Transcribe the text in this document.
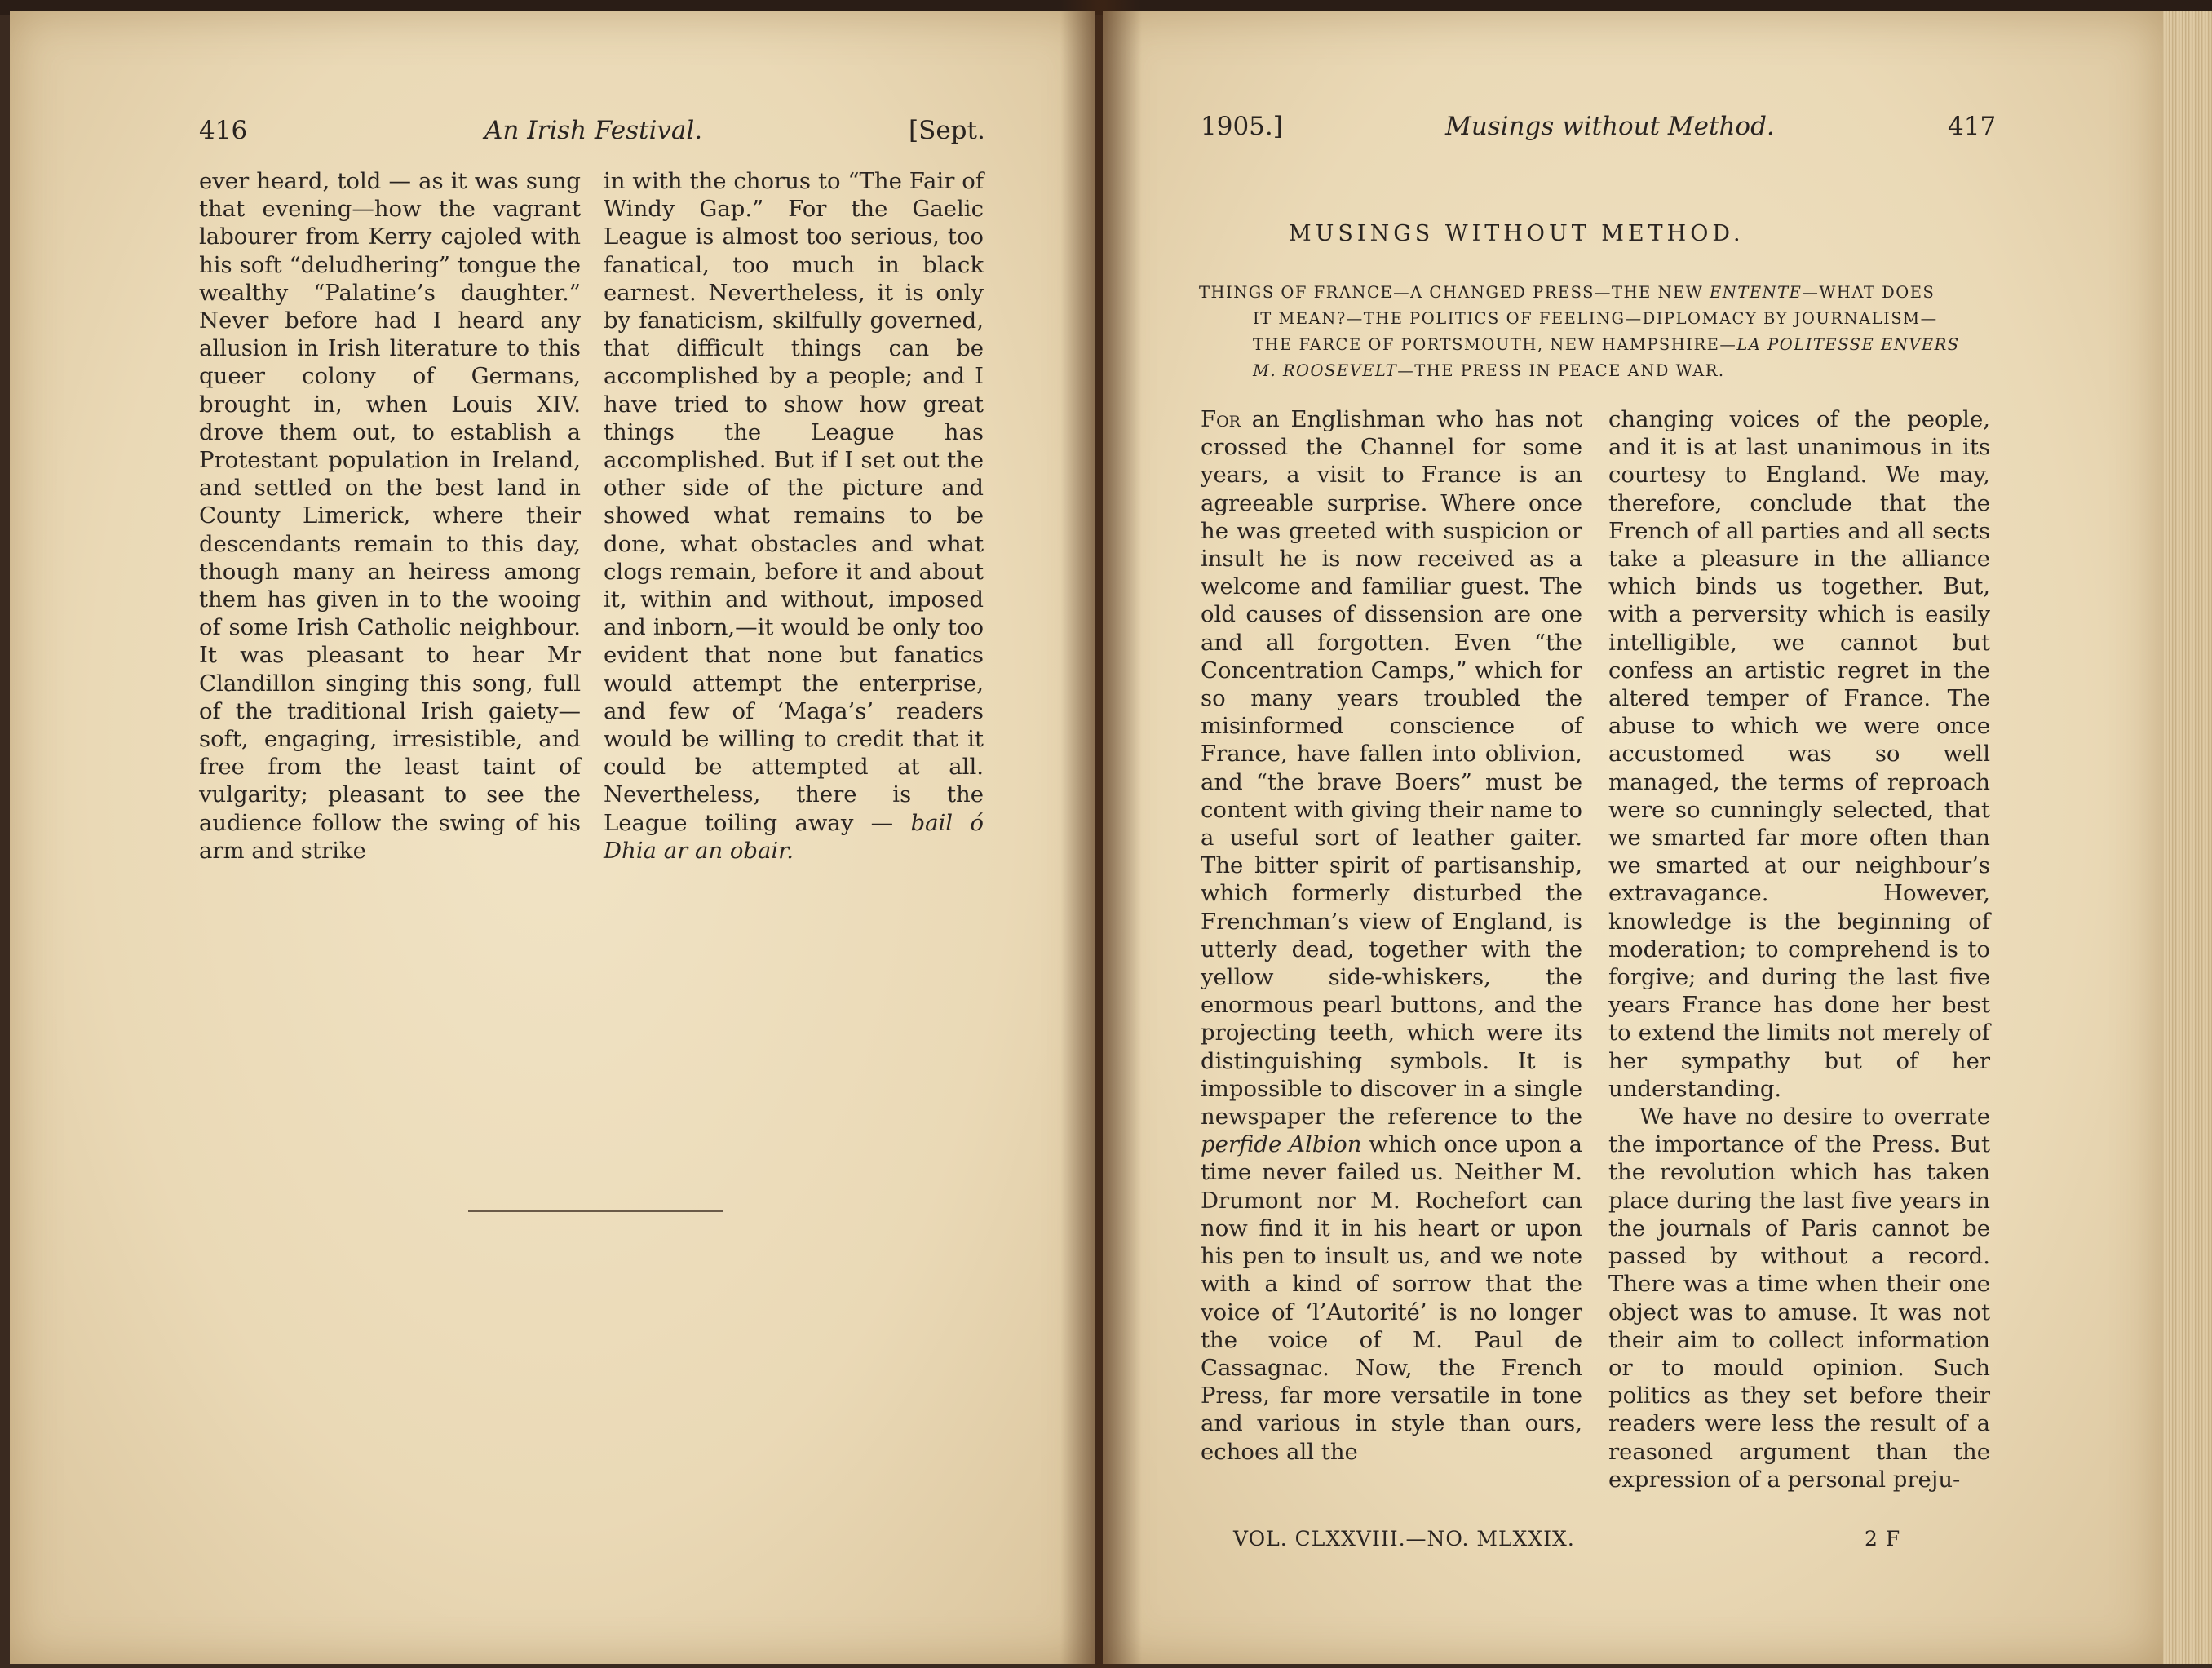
416	An Irish Festival.	[Sept.

ever heard, told — as it was sung that evening—how the vagrant labourer from Kerry cajoled with his soft “deludhering” tongue the wealthy “Palatine’s daughter.” Never before had I heard any allusion in Irish literature to this queer colony of Germans, brought in, when Louis XIV. drove them out, to establish a Protestant population in Ireland, and settled on the best land in County Limerick, where their descendants remain to this day, though many an heiress among them has given in to the wooing of some Irish Catholic neighbour. It was pleasant to hear Mr Clandillon singing this song, full of the traditional Irish gaiety—soft, engaging, irresistible, and free from the least taint of vulgarity; pleasant to see the audience follow the swing of his arm and strike

in with the chorus to “The Fair of Windy Gap.” For the Gaelic League is almost too serious, too fanatical, too much in black earnest. Nevertheless, it is only by fanaticism, skilfully governed, that difficult things can be accomplished by a people; and I have tried to show how great things the League has accomplished. But if I set out the other side of the picture and showed what remains to be done, what obstacles and what clogs remain, before it and about it, within and without, imposed and inborn,—it would be only too evident that none but fanatics would attempt the enterprise, and few of ‘Maga’s’ readers would be willing to credit that it could be attempted at all. Nevertheless, there is the League toiling away — bail ó Dhia ar an obair.

1905.]	Musings without Method.	417
MUSINGS WITHOUT METHOD.
THINGS OF FRANCE—A CHANGED PRESS—THE NEW ENTENTE—WHAT DOES
IT MEAN?—THE POLITICS OF FEELING—DIPLOMACY BY JOURNALISM—
THE FARCE OF PORTSMOUTH, NEW HAMPSHIRE—LA POLITESSE ENVERS
M. ROOSEVELT—THE PRESS IN PEACE AND WAR.

For an Englishman who has not crossed the Channel for some years, a visit to France is an agreeable surprise. Where once he was greeted with suspicion or insult he is now received as a welcome and familiar guest. The old causes of dissension are one and all forgotten. Even “the Concentration Camps,” which for so many years troubled the misinformed conscience of France, have fallen into oblivion, and “the brave Boers” must be content with giving their name to a useful sort of leather gaiter. The bitter spirit of partisanship, which formerly disturbed the Frenchman’s view of England, is utterly dead, together with the yellow side-whiskers, the enormous pearl buttons, and the projecting teeth, which were its distinguishing symbols. It is impossible to discover in a single newspaper the reference to the perfide Albion which once upon a time never failed us. Neither M. Drumont nor M. Rochefort can now find it in his heart or upon his pen to insult us, and we note with a kind of sorrow that the voice of ‘l’Autorité’ is no longer the voice of M. Paul de Cassagnac. Now, the French Press, far more versatile in tone and various in style than ours, echoes all the

changing voices of the people, and it is at last unanimous in its courtesy to England. We may, therefore, conclude that the French of all parties and all sects take a pleasure in the alliance which binds us together. But, with a perversity which is easily intelligible, we cannot but confess an artistic regret in the altered temper of France. The abuse to which we were once accustomed was so well managed, the terms of reproach were so cunningly selected, that we smarted far more often than we smarted at our neighbour’s extravagance. However, knowledge is the beginning of moderation; to comprehend is to forgive; and during the last five years France has done her best to extend the limits not merely of her sympathy but of her understanding.

We have no desire to overrate the importance of the Press. But the revolution which has taken place during the last five years in the journals of Paris cannot be passed by without a record. There was a time when their one object was to amuse. It was not their aim to collect information or to mould opinion. Such politics as they set before their readers were less the result of a reasoned argument than the expression of a personal preju-

VOL. CLXXVIII.—NO. MLXXIX.	2 F
